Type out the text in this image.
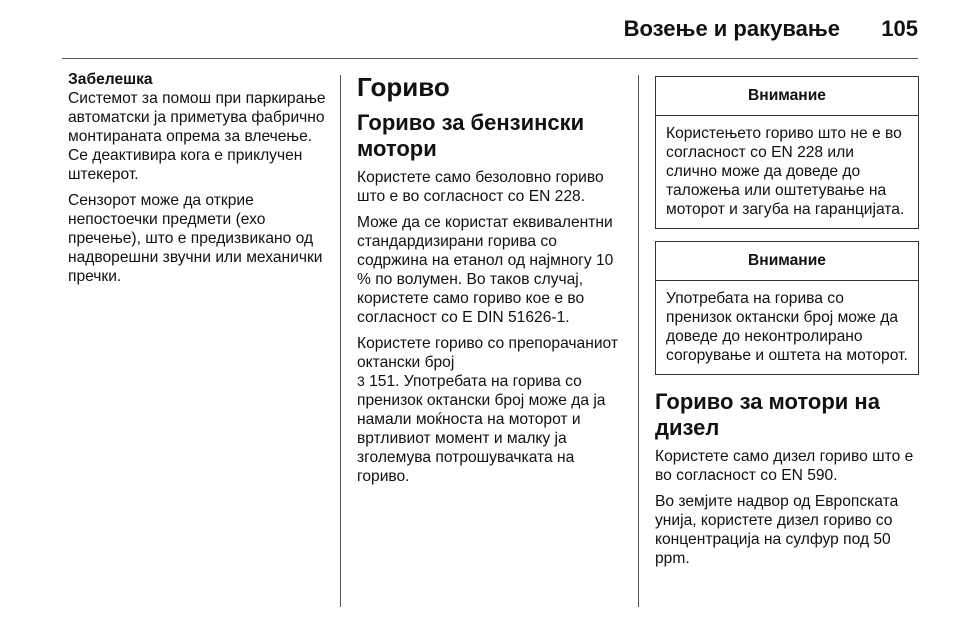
Возење и ракување 105
Забелешка

Системот за помош при паркирање автоматски ја приметува фабрично монтираната опрема за влечење. Се деактивира кога е приклучен штекерот.

Сензорот може да открие непостоечки предмети (ехо пречење), што е предизвикано од надворешни звучни или механички пречки.

Гориво
Гориво за бензински мотори

Користете само безоловно гориво што е во согласност со EN 228.

Може да се користат еквивалентни стандардизирани горива со содржина на етанол од најмногу 10 % по волумен. Во таков случај, користете само гориво кое е во согласност со E DIN 51626-1.

Користете гориво со препорачаниот октански број
3 151. Употребата на горива со пренизок октански број може да ја намали моќноста на моторот и вртливиот момент и малку ја зголемува потрошувачката на гориво.

Внимание
Користењето гориво што не е во согласност со EN 228 или слично може да доведе до таложења или оштетување на моторот и загуба на гаранцијата.
Внимание
Употребата на горива со пренизок октански број може да доведе до неконтролирано согорување и оштета на моторот.
Гориво за мотори на дизел

Користете само дизел гориво што е во согласност со EN 590.

Во земјите надвор од Европската унија, користете дизел гориво со концентрација на сулфур под 50 ppm.
